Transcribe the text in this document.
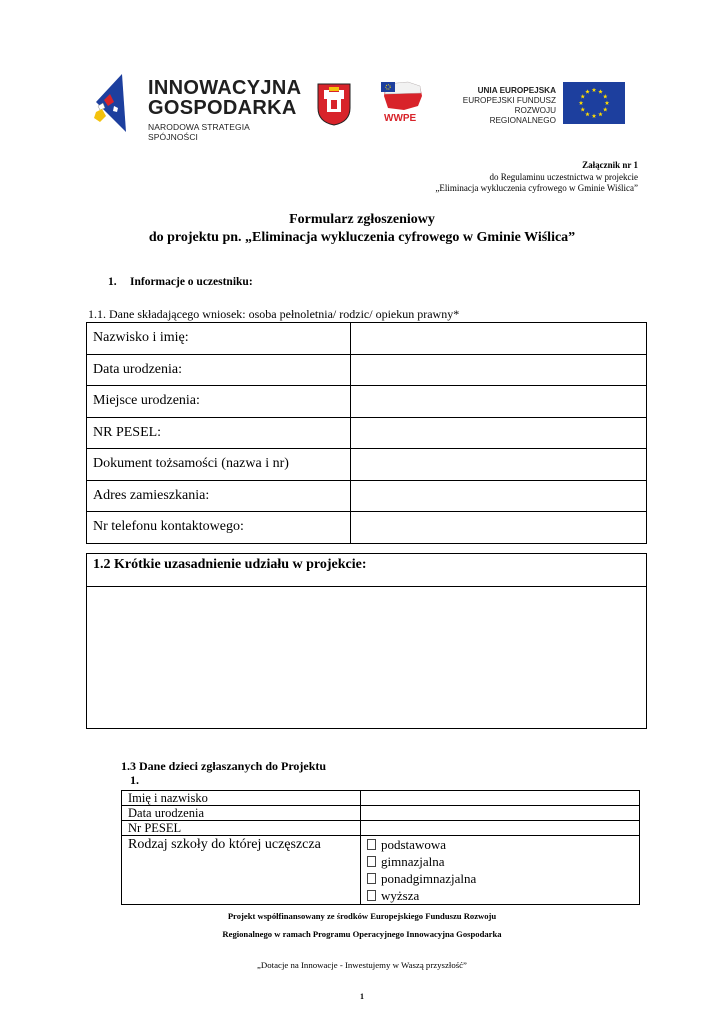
INNOWACYJNA
GOSPODARKA
NARODOWA STRATEGIA SPÓJNOŚCI
WWPE
UNIA EUROPEJSKA
EUROPEJSKI FUNDUSZ
ROZWOJU REGIONALNEGO
Załącznik nr 1
do Regulaminu uczestnictwa w projekcie
„Eliminacja wykluczenia cyfrowego w Gminie Wiślica”
Formularz zgłoszeniowy
do projektu pn. „Eliminacja wykluczenia cyfrowego w Gminie Wiślica”
1. Informacje o uczestniku:
1.1. Dane składającego wniosek: osoba pełnoletnia/ rodzic/ opiekun prawny*
Nazwisko i imię:	
Data urodzenia:	
Miejsce urodzenia:	
NR PESEL:	
Dokument tożsamości (nazwa i nr)	
Adres zamieszkania:	
Nr telefonu kontaktowego:	
1.2 Krótkie uzasadnienie udziału w projekcie:
1.3 Dane dzieci zgłaszanych do Projektu
1.
Imię i nazwisko	
Data urodzenia	
Nr PESEL	
Rodzaj szkoły do której uczęszcza	podstawowa
gimnazjalna
ponadgimnazjalna
wyższa
Projekt współfinansowany ze środków Europejskiego Funduszu Rozwoju
Regionalnego w ramach Programu Operacyjnego Innowacyjna Gospodarka
„Dotacje na Innowacje - Inwestujemy w Waszą przyszłość”
1
